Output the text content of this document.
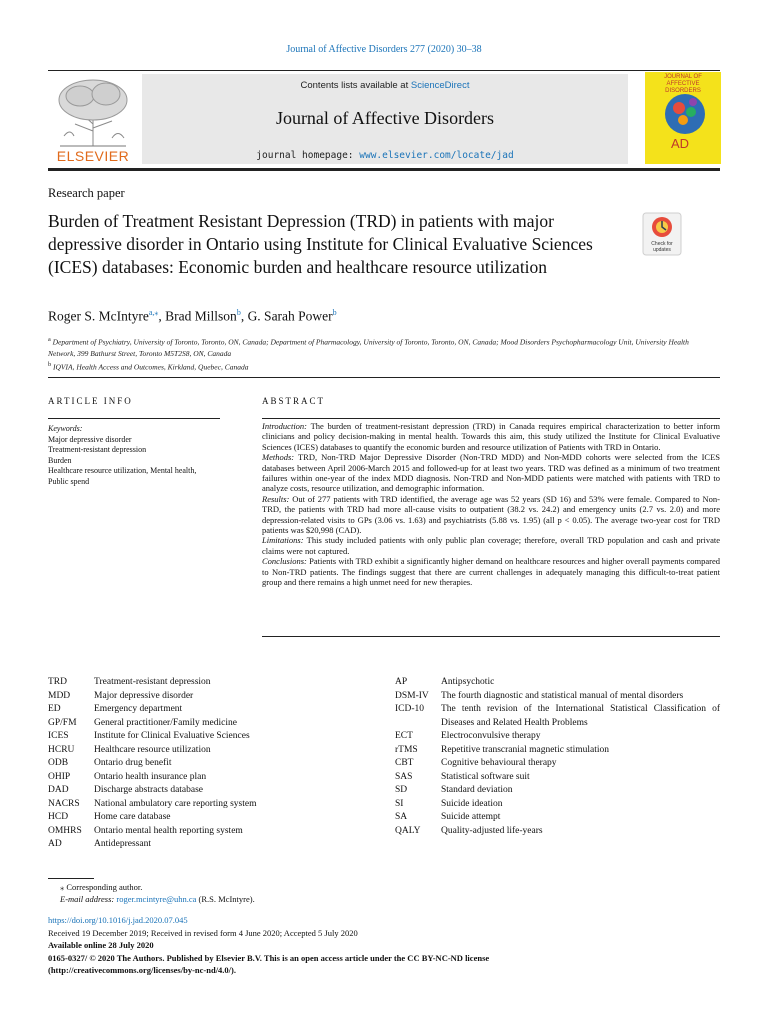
Journal of Affective Disorders 277 (2020) 30–38
ELSEVIER
Contents lists available at ScienceDirect
Journal of Affective Disorders
journal homepage: www.elsevier.com/locate/jad
JOURNAL OF AFFECTIVE DISORDERS
AD
Research paper
Burden of Treatment Resistant Depression (TRD) in patients with major depressive disorder in Ontario using Institute for Clinical Evaluative Sciences (ICES) databases: Economic burden and healthcare resource utilization
Check for
updates
Roger S. McIntyre$^{a,⁎}$, Brad Millson$^b$, G. Sarah Power$^b$
$^a$ Department of Psychiatry, University of Toronto, Toronto, ON, Canada; Department of Pharmacology, University of Toronto, Toronto, ON, Canada; Mood Disorders Psychopharmacology Unit, University Health Network, 399 Bathurst Street, Toronto M5T2S8, ON, Canada
$^b$ IQVIA, Health Access and Outcomes, Kirkland, Quebec, Canada
ARTICLE INFO
Keywords:
Major depressive disorder
Treatment-resistant depression
Burden
Healthcare resource utilization, Mental health,
Public spend
ABSTRACT

Introduction: The burden of treatment-resistant depression (TRD) in Canada requires empirical characterization to better inform clinicians and policy decision-making in mental health. Towards this aim, this study utilized the Institute for Clinical Evaluative Sciences (ICES) databases to quantify the economic burden and resource utilization of Patients with TRD in Ontario.

Methods: TRD, Non-TRD Major Depressive Disorder (Non-TRD MDD) and Non-MDD cohorts were selected from the ICES databases between April 2006-March 2015 and followed-up for at least two years. TRD was defined as a minimum of two treatment failures within one-year of the index MDD diagnosis. Non-TRD and Non-MDD patients were matched with patients with TRD to analyze costs, resource utilization, and demographic information.

Results: Out of 277 patients with TRD identified, the average age was 52 years (SD 16) and 53% were female. Compared to Non-TRD, the patients with TRD had more all-cause visits to outpatient (38.2 vs. 24.2) and emergency units (2.7 vs. 2.0) and more depression-related visits to GPs (3.06 vs. 1.63) and psychiatrists (5.88 vs. 1.95) (all p < 0.05). The average two-year cost for TRD patients was $20,998 (CAD).

Limitations: This study included patients with only public plan coverage; therefore, overall TRD population and cash and private claims were not captured.

Conclusions: Patients with TRD exhibit a significantly higher demand on healthcare resources and higher overall payments compared to Non-TRD patients. The findings suggest that there are current challenges in adequately managing this difficult-to-treat patient group and there remains a high unmet need for new therapies.

TRD	Treatment-resistant depression
MDD	Major depressive disorder
ED	Emergency department
GP/FM	General practitioner/Family medicine
ICES	Institute for Clinical Evaluative Sciences
HCRU	Healthcare resource utilization
ODB	Ontario drug benefit
OHIP	Ontario health insurance plan
DAD	Discharge abstracts database
NACRS	National ambulatory care reporting system
HCD	Home care database
OMHRS	Ontario mental health reporting system
AD	Antidepressant
AP	Antipsychotic
DSM-IV	The fourth diagnostic and statistical manual of mental disorders
ICD-10	The tenth revision of the International Statistical Classification of Diseases and Related Health Problems
ECT	Electroconvulsive therapy
rTMS	Repetitive transcranial magnetic stimulation
CBT	Cognitive behavioural therapy
SAS	Statistical software suit
SD	Standard deviation
SI	Suicide ideation
SA	Suicide attempt
QALY	Quality-adjusted life-years
⁎ Corresponding author.
E-mail address: roger.mcintyre@uhn.ca (R.S. McIntyre).
https://doi.org/10.1016/j.jad.2020.07.045
Received 19 December 2019; Received in revised form 4 June 2020; Accepted 5 July 2020
Available online 28 July 2020
0165-0327/ © 2020 The Authors. Published by Elsevier B.V. This is an open access article under the CC BY-NC-ND license
(http://creativecommons.org/licenses/by-nc-nd/4.0/).
